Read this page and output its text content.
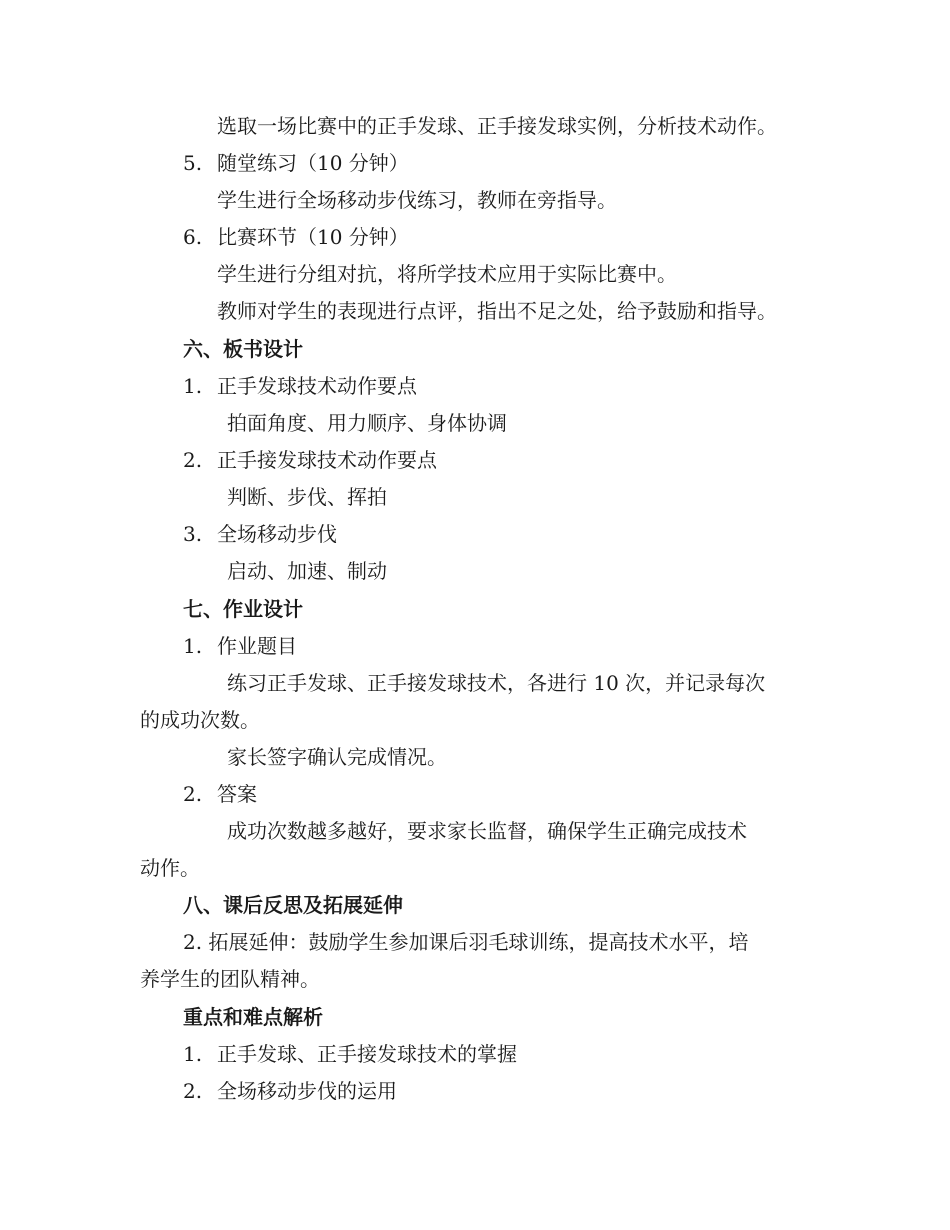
选取一场比赛中的正手发球、正手接发球实例，分析技术动作。
5. 随堂练习（10 分钟）
学生进行全场移动步伐练习，教师在旁指导。
6. 比赛环节（10 分钟）
学生进行分组对抗，将所学技术应用于实际比赛中。
教师对学生的表现进行点评，指出不足之处，给予鼓励和指导。
六、板书设计
1. 正手发球技术动作要点
拍面角度、用力顺序、身体协调
2. 正手接发球技术动作要点
判断、步伐、挥拍
3. 全场移动步伐
启动、加速、制动
七、作业设计
1. 作业题目
练习正手发球、正手接发球技术，各进行 10 次，并记录每次
的成功次数。
家长签字确认完成情况。
2. 答案
成功次数越多越好，要求家长监督，确保学生正确完成技术
动作。
八、课后反思及拓展延伸
2. 拓展延伸：鼓励学生参加课后羽毛球训练，提高技术水平，培
养学生的团队精神。
重点和难点解析
1. 正手发球、正手接发球技术的掌握
2. 全场移动步伐的运用
